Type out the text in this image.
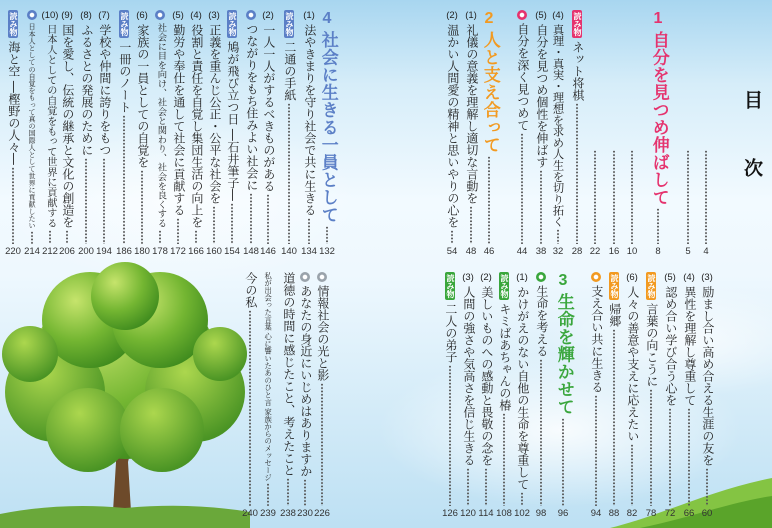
目次
4
5
1
自分を見つめ伸ばして
8
10
16
22
読み物
ネット将棋
28
(4)
真理・真実・理想を求め人生を切り拓く
32
(5)
自分を見つめ個性を伸ばす
38
自分を深く見つめて
44
2
人と支え合って
46
(1)
礼儀の意義を理解し適切な言動を
48
(2)
温かい人間愛の精神と思いやりの心を
54
(3)
励まし合い高め合える生涯の友を
60
(4)
異性を理解し尊重して
66
(5)
認め合い学び合う心を
72
読み物
言葉の向こうに
78
(6)
人々の善意や支えに応えたい
82
読み物
帰郷
88
支え合い共に生きる
94
3
生命を輝かせて
96
生命を考える
98
(1)
かけがえのない自他の生命を尊重して
102
読み物
キミばあちゃんの椿
108
(2)
美しいものへの感動と畏敬の念を
114
(3)
人間の強さや気高さを信じ生きる
120
読み物
二人の弟子
126
4
社会に生きる一員として
132
(1)
法やきまりを守り社会で共に生きる
134
読み物
二通の手紙
140
(2)
一人一人がするべきものがある
146
つながりをもち住みよい社会に
148
読み物
鳩が飛び立つ日 ―石井筆子―
154
(3)
正義を重んじ公正・公平な社会を
160
(4)
役割と責任を自覚し集団生活の向上を
166
(5)
勤労や奉仕を通して社会に貢献する
172
社会に目を向け、社会と関わり、社会を良くする
178
(6)
家族の一員としての自覚を
180
読み物
一冊のノート
186
(7)
学校や仲間に誇りをもつ
194
(8)
ふるさとの発展のために
200
(9)
国を愛し、伝統の継承と文化の創造を
206
(10)
日本人としての自覚をもって世界に貢献する
212
日本人としての自覚をもって真の国際人として世界に貢献したい
214
読み物
海と空 ―樫野の人々―
220
情報社会の光と影
226
あなたの身近にいじめはありますか
230
道徳の時間に感じたこと、考えたこと
238
私が出会った言葉 心に響いたあのひと言 家族からのメッセージ
239
今の私
240
